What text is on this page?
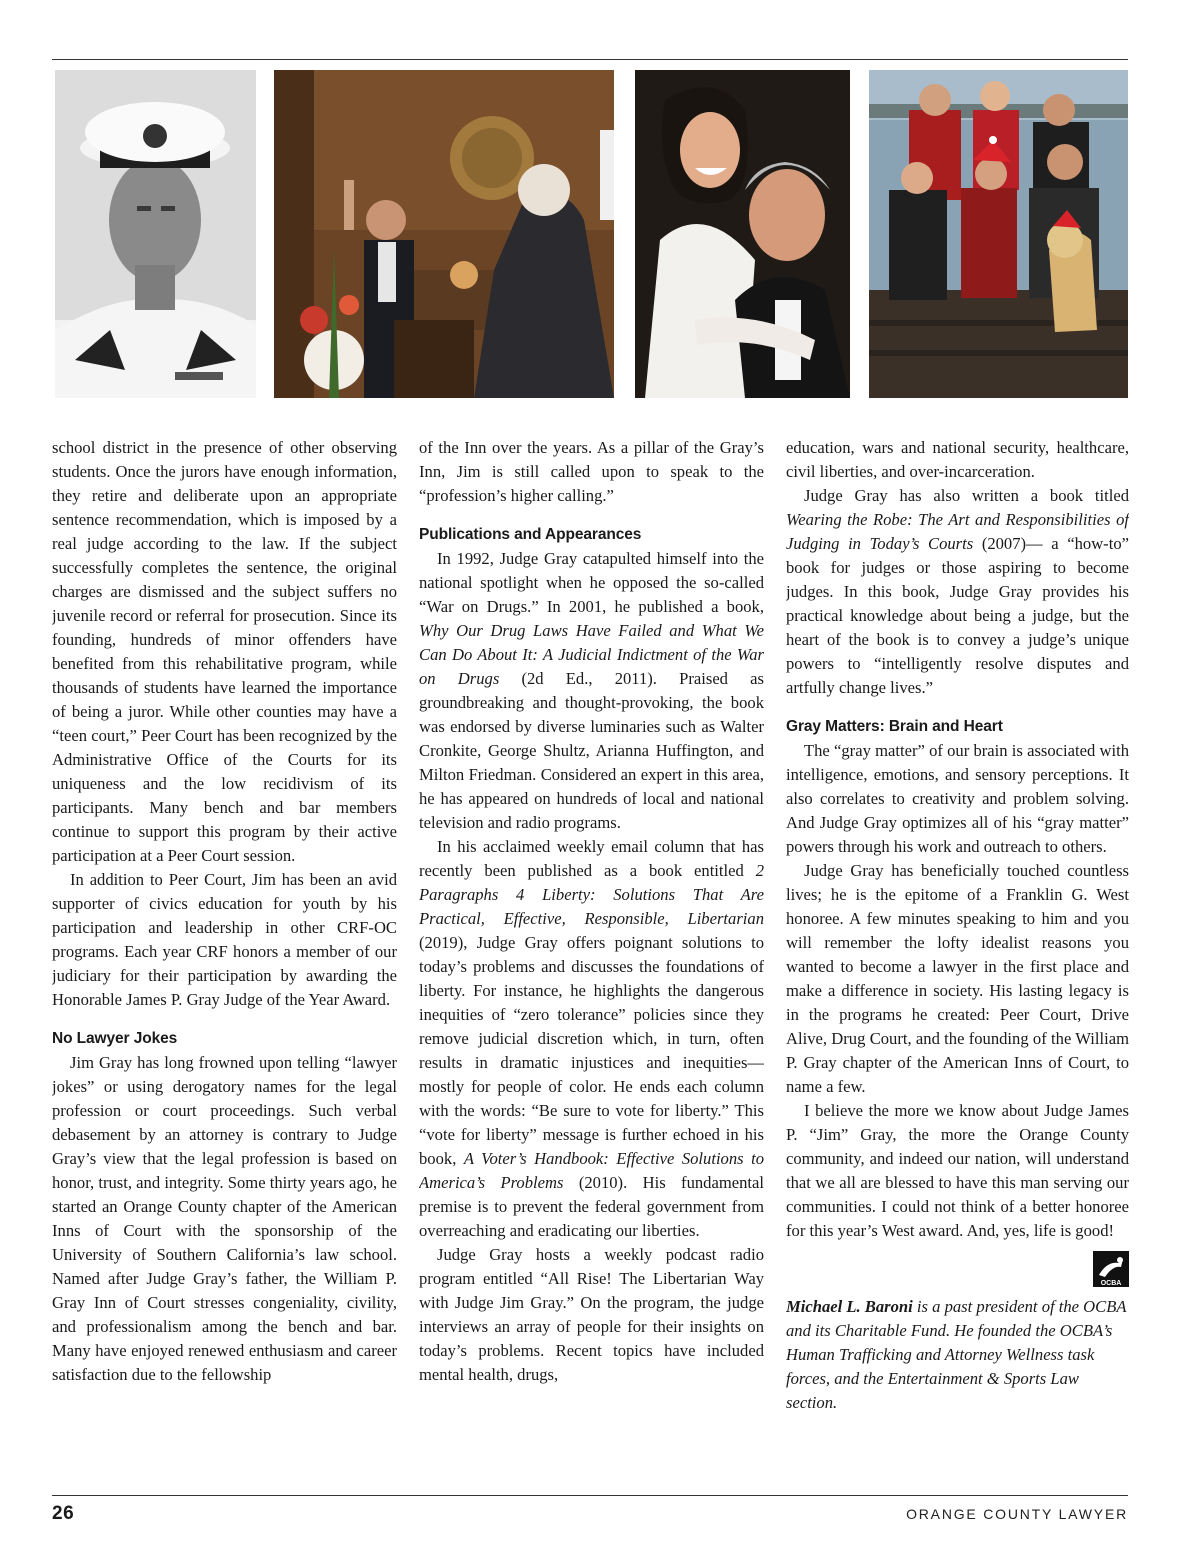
school district in the presence of other observing students. Once the jurors have enough information, they retire and deliberate upon an appropriate sentence recommendation, which is imposed by a real judge according to the law. If the subject successfully completes the sentence, the original charges are dismissed and the subject suffers no juvenile record or referral for prosecution. Since its founding, hundreds of minor offenders have benefited from this rehabilitative program, while thousands of students have learned the importance of being a juror. While other counties may have a “teen court,” Peer Court has been recognized by the Administrative Office of the Courts for its uniqueness and the low recidivism of its participants. Many bench and bar members continue to support this program by their active participation at a Peer Court session.

In addition to Peer Court, Jim has been an avid supporter of civics education for youth by his participation and leadership in other CRF-OC programs. Each year CRF honors a member of our judiciary for their participation by awarding the Honorable James P. Gray Judge of the Year Award.

No Lawyer Jokes

Jim Gray has long frowned upon telling “lawyer jokes” or using derogatory names for the legal profession or court proceedings. Such verbal debasement by an attorney is contrary to Judge Gray’s view that the legal profession is based on honor, trust, and integrity. Some thirty years ago, he started an Orange County chapter of the American Inns of Court with the sponsorship of the University of Southern California’s law school. Named after Judge Gray’s father, the William P. Gray Inn of Court stresses congeniality, civility, and professionalism among the bench and bar. Many have enjoyed renewed enthusiasm and career satisfaction due to the fellowship

of the Inn over the years. As a pillar of the Gray’s Inn, Jim is still called upon to speak to the “profession’s higher calling.”

Publications and Appearances

In 1992, Judge Gray catapulted himself into the national spotlight when he opposed the so-called “War on Drugs.” In 2001, he published a book, Why Our Drug Laws Have Failed and What We Can Do About It: A Judicial Indictment of the War on Drugs (2d Ed., 2011). Praised as groundbreaking and thought-provoking, the book was endorsed by diverse luminaries such as Walter Cronkite, George Shultz, Arianna Huffington, and Milton Friedman. Considered an expert in this area, he has appeared on hundreds of local and national television and radio programs.

In his acclaimed weekly email column that has recently been published as a book entitled 2 Paragraphs 4 Liberty: Solutions That Are Practical, Effective, Responsible, Libertarian (2019), Judge Gray offers poignant solutions to today’s problems and discusses the foundations of liberty. For instance, he highlights the dangerous inequities of “zero tolerance” policies since they remove judicial discretion which, in turn, often results in dramatic injustices and inequities—mostly for people of color. He ends each column with the words: “Be sure to vote for liberty.” This “vote for liberty” message is further echoed in his book, A Voter’s Handbook: Effective Solutions to America’s Problems (2010). His fundamental premise is to prevent the federal government from overreaching and eradicating our liberties.

Judge Gray hosts a weekly podcast radio program entitled “All Rise! The Libertarian Way with Judge Jim Gray.” On the program, the judge interviews an array of people for their insights on today’s problems. Recent topics have included mental health, drugs,

education, wars and national security, healthcare, civil liberties, and over-incarceration.

Judge Gray has also written a book titled Wearing the Robe: The Art and Responsibilities of Judging in Today’s Courts (2007)— a “how-to” book for judges or those aspiring to become judges. In this book, Judge Gray provides his practical knowledge about being a judge, but the heart of the book is to convey a judge’s unique powers to “intelligently resolve disputes and artfully change lives.”

Gray Matters: Brain and Heart

The “gray matter” of our brain is associated with intelligence, emotions, and sensory perceptions. It also correlates to creativity and problem solving. And Judge Gray optimizes all of his “gray matter” powers through his work and outreach to others.

Judge Gray has beneficially touched countless lives; he is the epitome of a Franklin G. West honoree. A few minutes speaking to him and you will remember the lofty idealist reasons you wanted to become a lawyer in the first place and make a difference in society. His lasting legacy is in the programs he created: Peer Court, Drive Alive, Drug Court, and the founding of the William P. Gray chapter of the American Inns of Court, to name a few.

I believe the more we know about Judge James P. “Jim” Gray, the more the Orange County community, and indeed our nation, will understand that we all are blessed to have this man serving our communities. I could not think of a better honoree for this year’s West award. And, yes, life is good!

OCBA

Michael L. Baroni is a past president of the OCBA and its Charitable Fund. He founded the OCBA’s Human Trafficking and Attorney Wellness task forces, and the Entertainment & Sports Law section.

26	ORANGE COUNTY LAWYER
